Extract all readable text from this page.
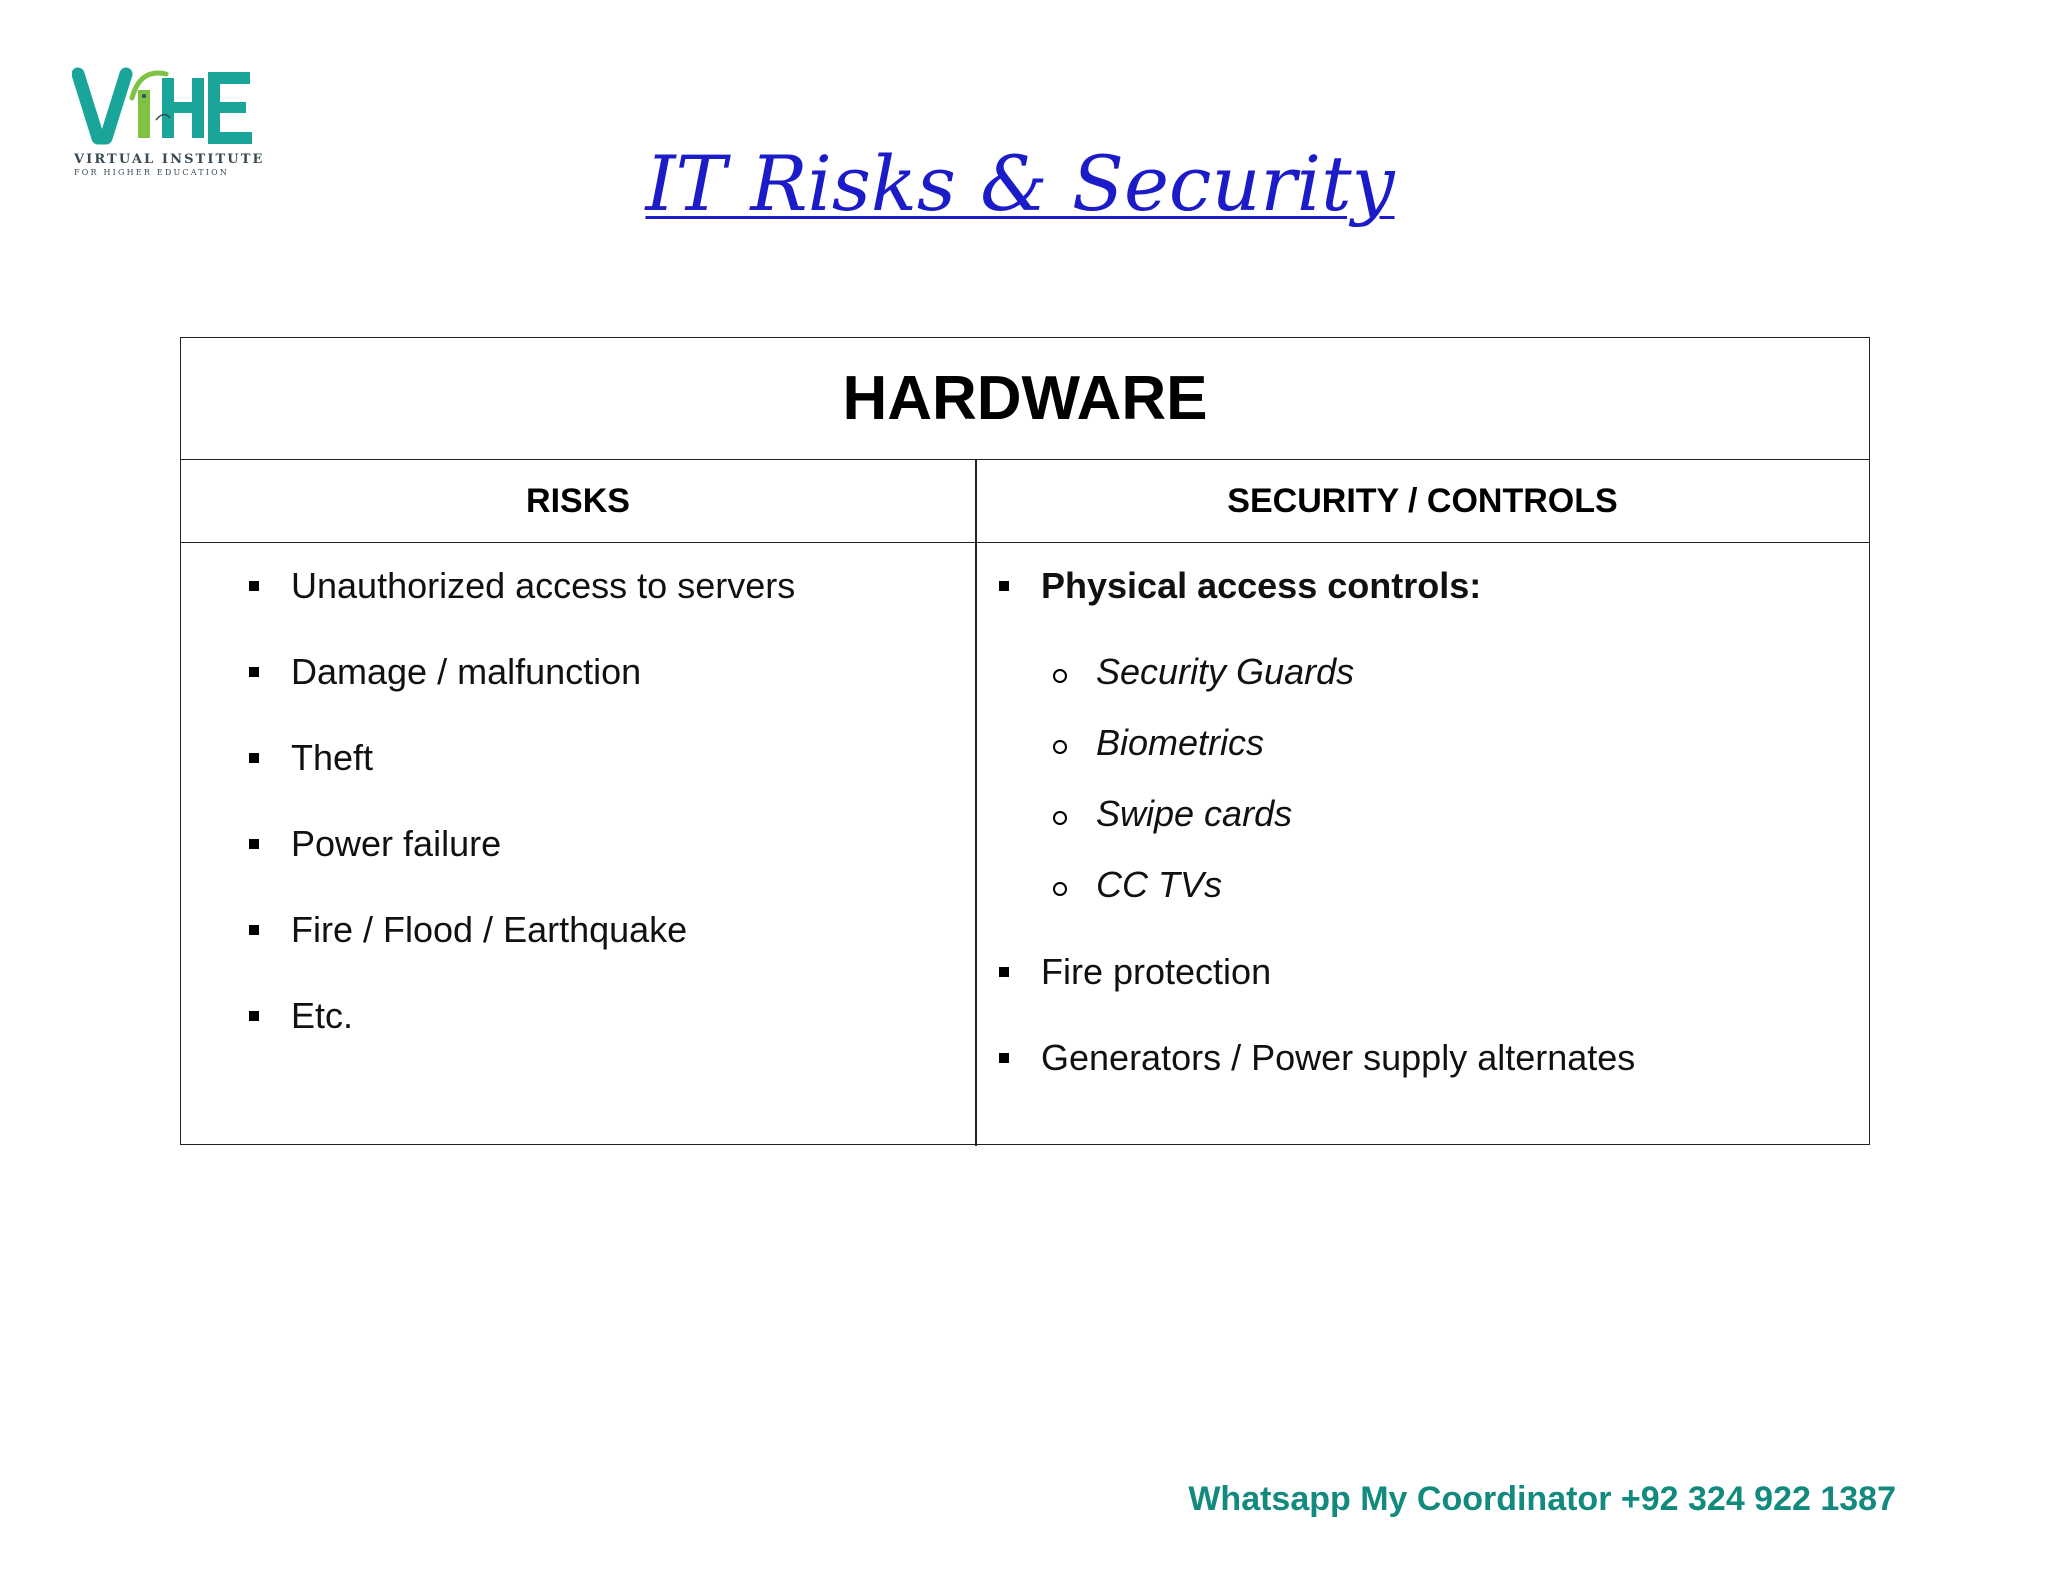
VIRTUAL INSTITUTE
FOR HIGHER EDUCATION	IT Risks & Security
HARDWARE
RISKS	SECURITY / CONTROLS
Unauthorized access to servers
Damage / malfunction
Theft
Power failure
Fire / Flood / Earthquake
Etc.
Physical access controls:
Security Guards
Biometrics
Swipe cards
CC TVs
Fire protection
Generators / Power supply alternates
Whatsapp My Coordinator +92 324 922 1387
